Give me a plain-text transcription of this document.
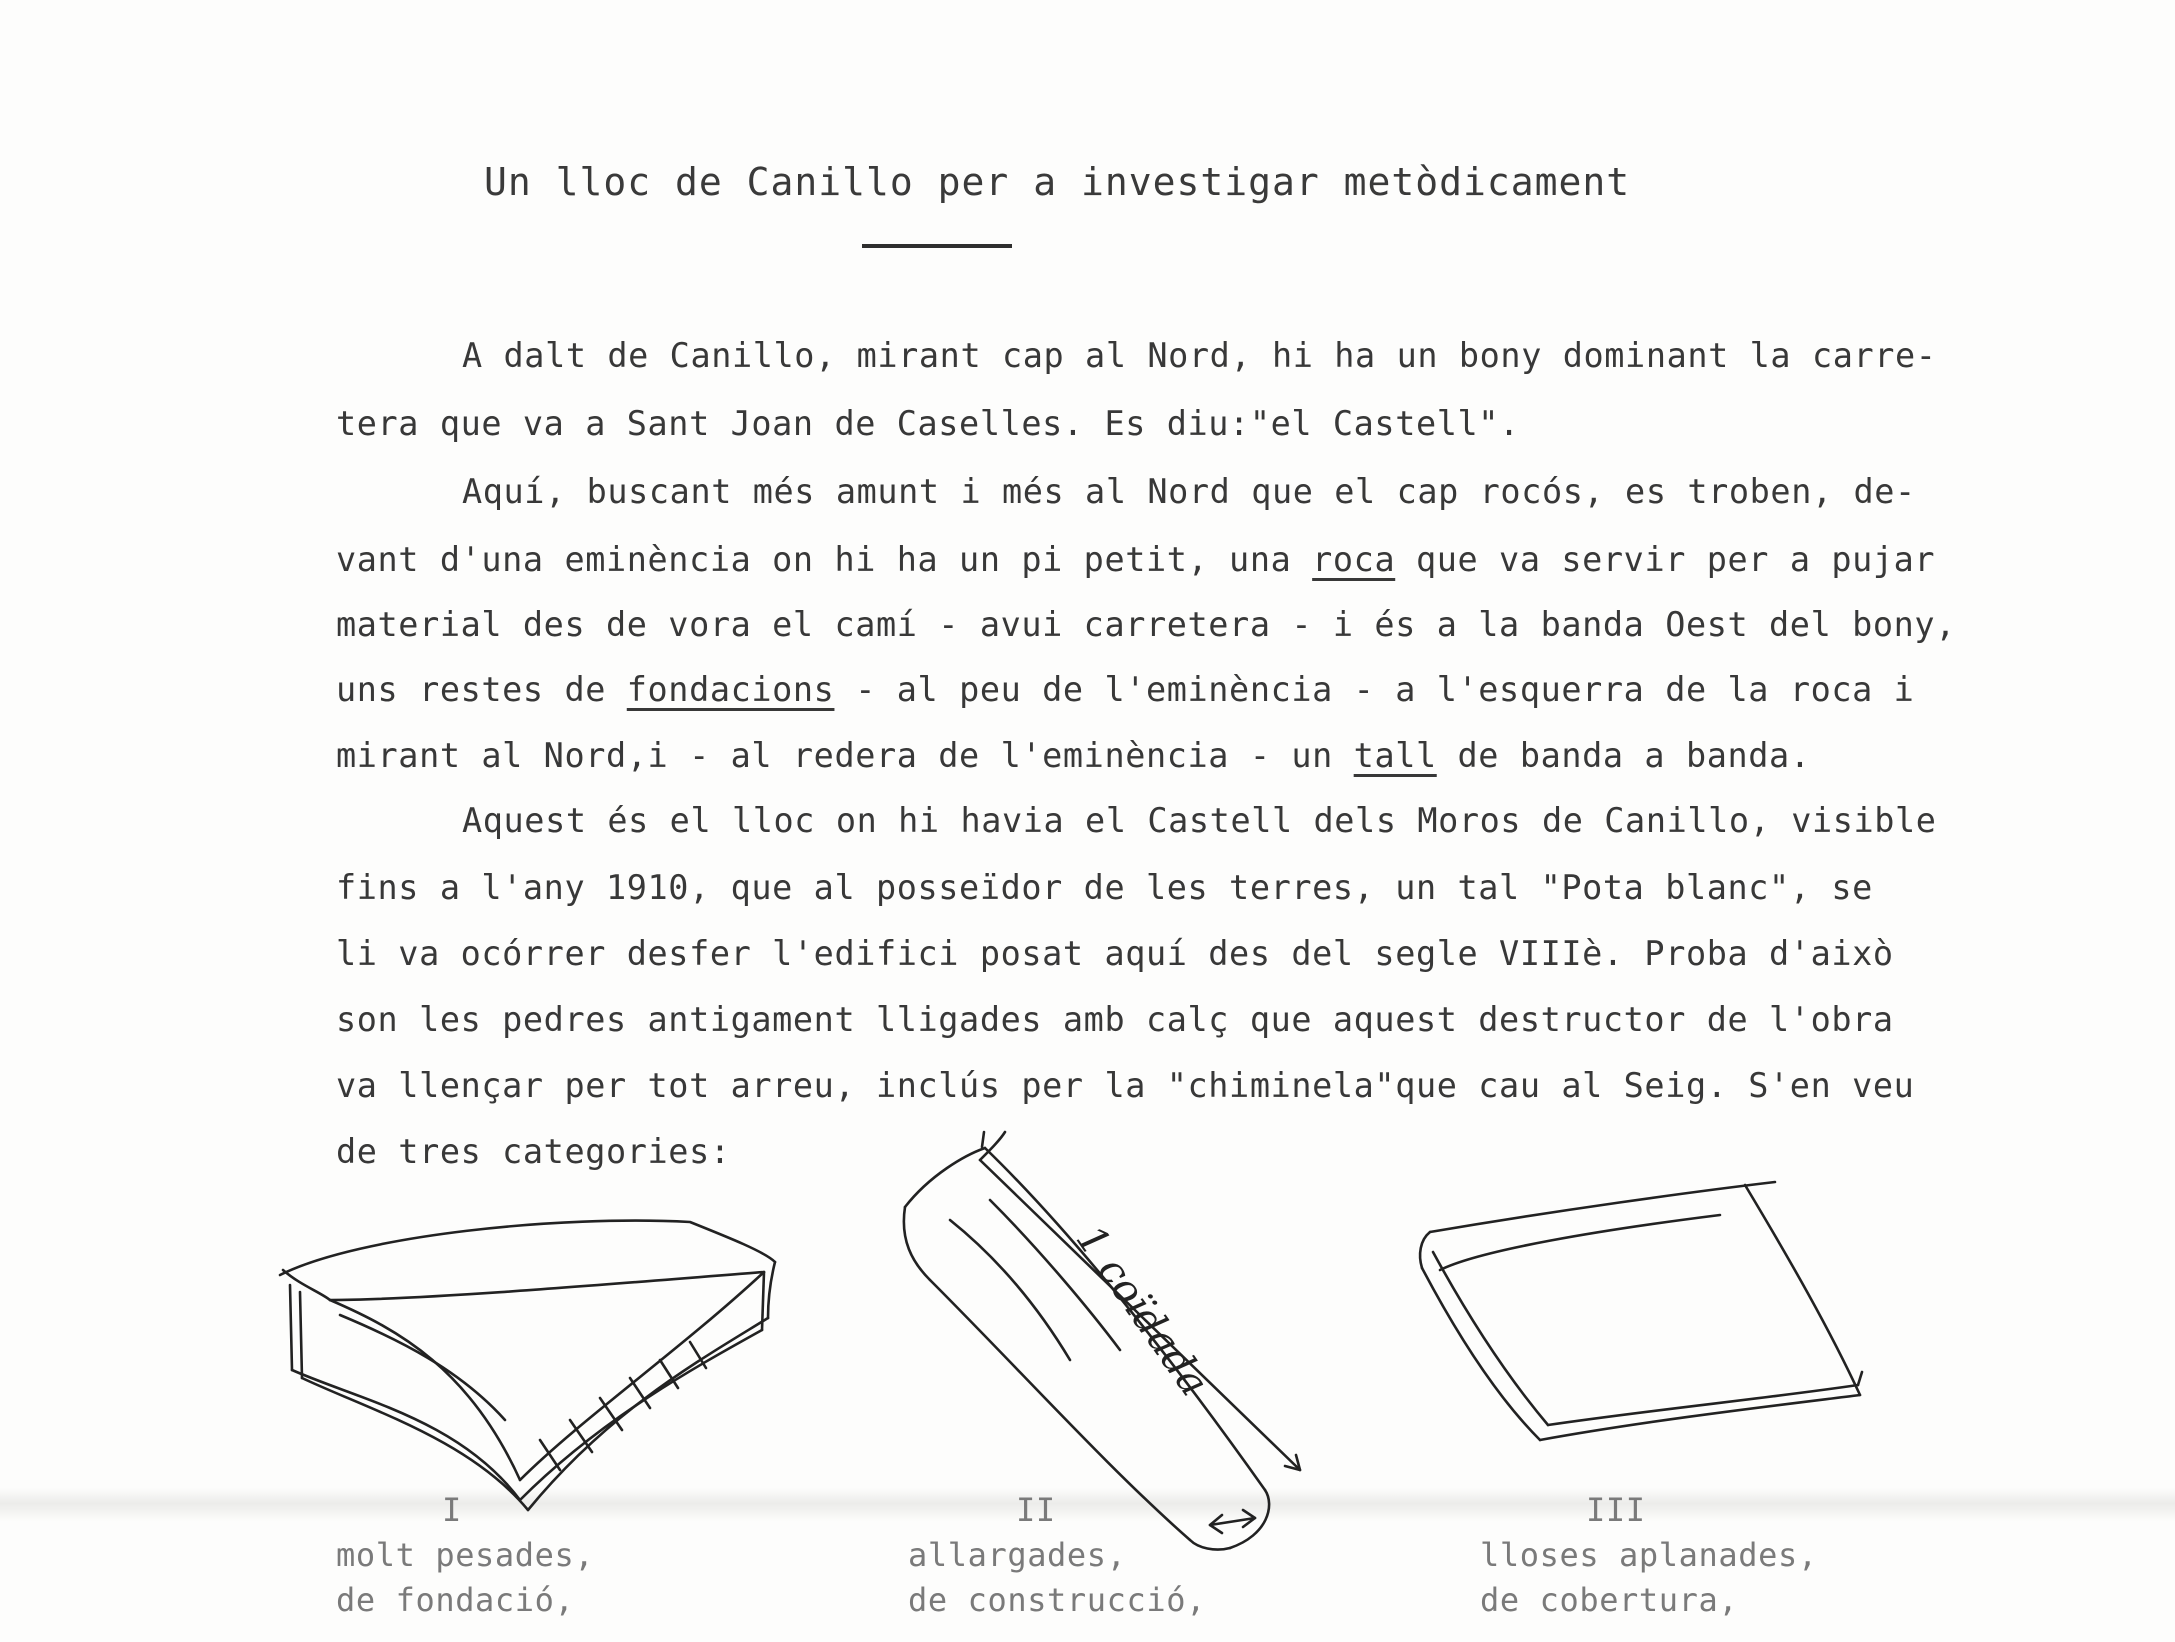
Un lloc de Canillo per a investigar metòdicament
A dalt de Canillo, mirant cap al Nord, hi ha un bony dominant la carre-
tera que va a Sant Joan de Caselles. Es diu:"el Castell".
Aquí, buscant més amunt i més al Nord que el cap rocós, es troben, de-
vant d'una eminència on hi ha un pi petit, una roca que va servir per a pujar
material des de vora el camí - avui carretera - i és a la banda Oest del bony,
uns restes de fondacions - al peu de l'eminència - a l'esquerra de la roca i
mirant al Nord,i - al redera de l'eminència - un tall de banda a banda.
Aquest és el lloc on hi havia el Castell dels Moros de Canillo, visible
fins a l'any 1910, que al posseïdor de les terres, un tal "Pota blanc", se
li va ocórrer desfer l'edifici posat aquí des del segle VIIIè. Proba d'això
son les pedres antigament lligades amb calç que aquest destructor de l'obra
va llençar per tot arreu, inclús per la "chiminela"que cau al Seig. S'en veu
de tres categories:
1 coïdada
I
molt pesades,
de fondació,
II
allargades,
de construcció,
III
lloses aplanades,
de cobertura,
